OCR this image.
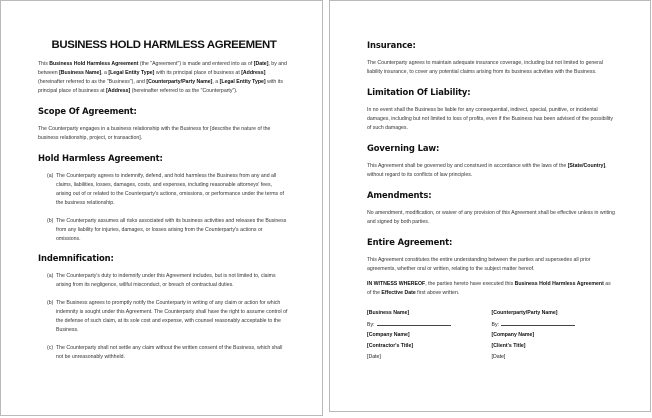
BUSINESS HOLD HARMLESS AGREEMENT

This Business Hold Harmless Agreement (the "Agreement") is made and entered into as of [Date], by and between [Business Name], a [Legal Entity Type] with its principal place of business at [Address] (hereinafter referred to as the "Business"), and [Counterparty/Party Name], a [Legal Entity Type] with its principal place of business at [Address] (hereinafter referred to as the "Counterparty").

Scope Of Agreement:

The Counterparty engages in a business relationship with the Business for [describe the nature of the business relationship, project, or transaction].

Hold Harmless Agreement:
(a) The Counterparty agrees to indemnify, defend, and hold harmless the Business from any and all claims, liabilities, losses, damages, costs, and expenses, including reasonable attorneys' fees, arising out of or related to the Counterparty's actions, omissions, or performance under the terms of the business relationship.
(b) The Counterparty assumes all risks associated with its business activities and releases the Business from any liability for injuries, damages, or losses arising from the Counterparty's actions or omissions.
Indemnification:
(a) The Counterparty's duty to indemnify under this Agreement includes, but is not limited to, claims arising from its negligence, willful misconduct, or breach of contractual duties.
(b) The Business agrees to promptly notify the Counterparty in writing of any claim or action for which indemnity is sought under this Agreement. The Counterparty shall have the right to assume control of the defense of such claim, at its sole cost and expense, with counsel reasonably acceptable to the Business.
(c) The Counterparty shall not settle any claim without the written consent of the Business, which shall not be unreasonably withheld.
Insurance:

The Counterparty agrees to maintain adequate insurance coverage, including but not limited to general liability insurance, to cover any potential claims arising from its business activities with the Business.

Limitation Of Liability:

In no event shall the Business be liable for any consequential, indirect, special, punitive, or incidental damages, including but not limited to loss of profits, even if the Business has been advised of the possibility of such damages.

Governing Law:

This Agreement shall be governed by and construed in accordance with the laws of the [State/Country], without regard to its conflicts of law principles.

Amendments:

No amendment, modification, or waiver of any provision of this Agreement shall be effective unless in writing and signed by both parties.

Entire Agreement:

This Agreement constitutes the entire understanding between the parties and supersedes all prior agreements, whether oral or written, relating to the subject matter hereof.

IN WITNESS WHEREOF, the parties hereto have executed this Business Hold Harmless Agreement as of the Effective Date first above written.

[Business Name]
By:
[Company Name]
[Contractor's Title]
[Date]
[Counterparty/Party Name]
By:
[Company Name]
[Client's Title]
[Date]
